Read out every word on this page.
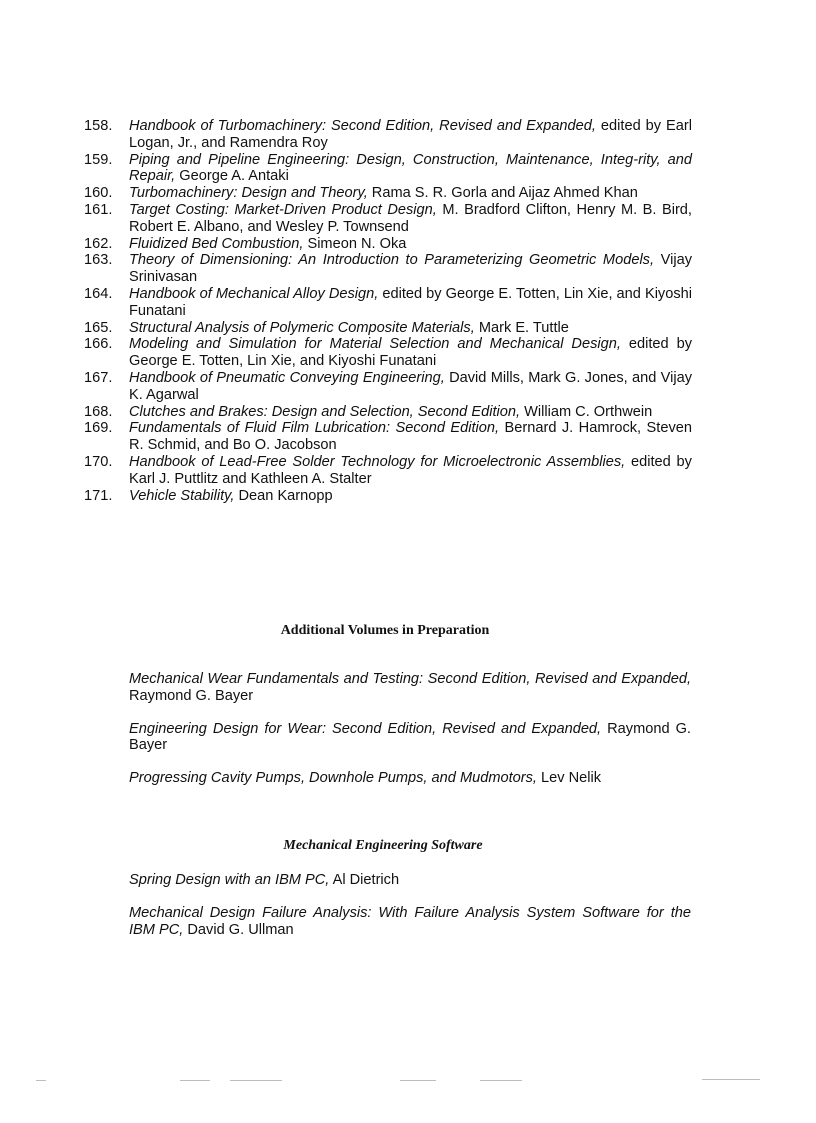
158.	Handbook of Turbomachinery: Second Edition, Revised and Expanded, edited by Earl Logan, Jr., and Ramendra Roy
159.	Piping and Pipeline Engineering: Design, Construction, Maintenance, Integ-rity, and Repair, George A. Antaki
160.	Turbomachinery: Design and Theory, Rama S. R. Gorla and Aijaz Ahmed Khan
161.	Target Costing: Market-Driven Product Design, M. Bradford Clifton, Henry M. B. Bird, Robert E. Albano, and Wesley P. Townsend
162.	Fluidized Bed Combustion, Simeon N. Oka
163.	Theory of Dimensioning: An Introduction to Parameterizing Geometric Models, Vijay Srinivasan
164.	Handbook of Mechanical Alloy Design, edited by George E. Totten, Lin Xie, and Kiyoshi Funatani
165.	Structural Analysis of Polymeric Composite Materials, Mark E. Tuttle
166.	Modeling and Simulation for Material Selection and Mechanical Design, edited by George E. Totten, Lin Xie, and Kiyoshi Funatani
167.	Handbook of Pneumatic Conveying Engineering, David Mills, Mark G. Jones, and Vijay K. Agarwal
168.	Clutches and Brakes: Design and Selection, Second Edition, William C. Orthwein
169.	Fundamentals of Fluid Film Lubrication: Second Edition, Bernard J. Hamrock, Steven R. Schmid, and Bo O. Jacobson
170.	Handbook of Lead-Free Solder Technology for Microelectronic Assemblies, edited by Karl J. Puttlitz and Kathleen A. Stalter
171.	Vehicle Stability, Dean Karnopp
Additional Volumes in Preparation
Mechanical Wear Fundamentals and Testing: Second Edition, Revised and Expanded, Raymond G. Bayer
Engineering Design for Wear: Second Edition, Revised and Expanded, Raymond G. Bayer
Progressing Cavity Pumps, Downhole Pumps, and Mudmotors, Lev Nelik
Mechanical Engineering Software
Spring Design with an IBM PC, Al Dietrich
Mechanical Design Failure Analysis: With Failure Analysis System Software for the IBM PC, David G. Ullman
